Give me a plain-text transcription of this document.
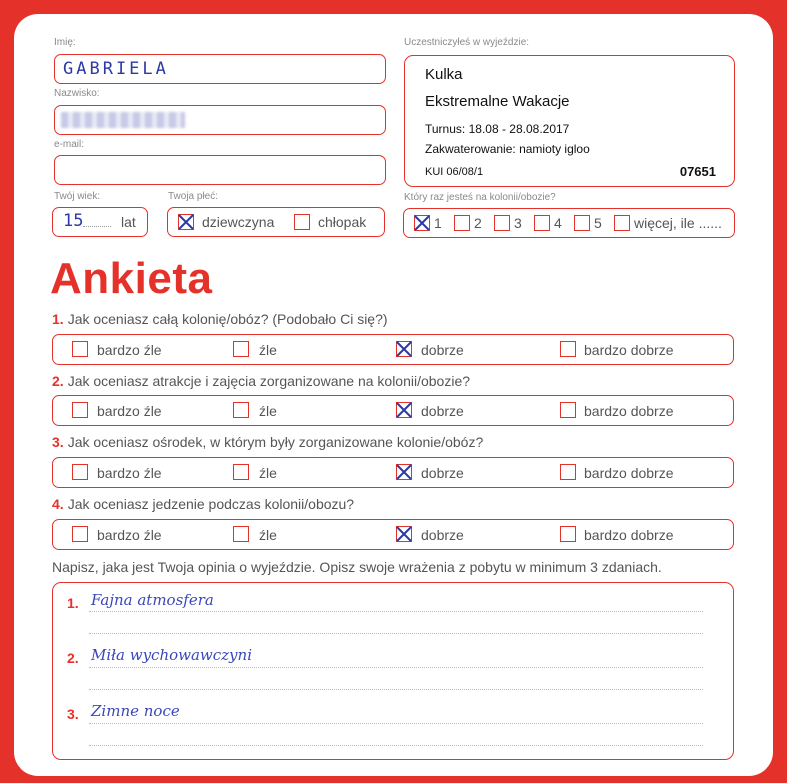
Imię:
GABRIELA
Nazwisko:
e-mail:
Twój wiek:
15	lat
Twoja płeć:
dziewczyna	chłopak
Uczestniczyłeś w wyjeździe:
Kulka
Ekstremalne Wakacje
Turnus: 18.08 - 28.08.2017
Zakwaterowanie: namioty igloo
KUI 06/08/1	07651
Który raz jesteś na kolonii/obozie?
1 2 3 4 5 więcej, ile ......
Ankieta
1. Jak oceniasz całą kolonię/obóz? (Podobało Ci się?)
bardzo źle	źle	dobrze	bardzo dobrze
2. Jak oceniasz atrakcje i zajęcia zorganizowane na kolonii/obozie?
bardzo źle	źle	dobrze	bardzo dobrze
3. Jak oceniasz ośrodek, w którym były zorganizowane kolonie/obóz?
bardzo źle	źle	dobrze	bardzo dobrze
4. Jak oceniasz jedzenie podczas kolonii/obozu?
bardzo źle	źle	dobrze	bardzo dobrze
Napisz, jaka jest Twoja opinia o wyjeździe. Opisz swoje wrażenia z pobytu w minimum 3 zdaniach.
1. Fajna atmosfera
2. Miła wychowawczyni
3. Zimne noce
